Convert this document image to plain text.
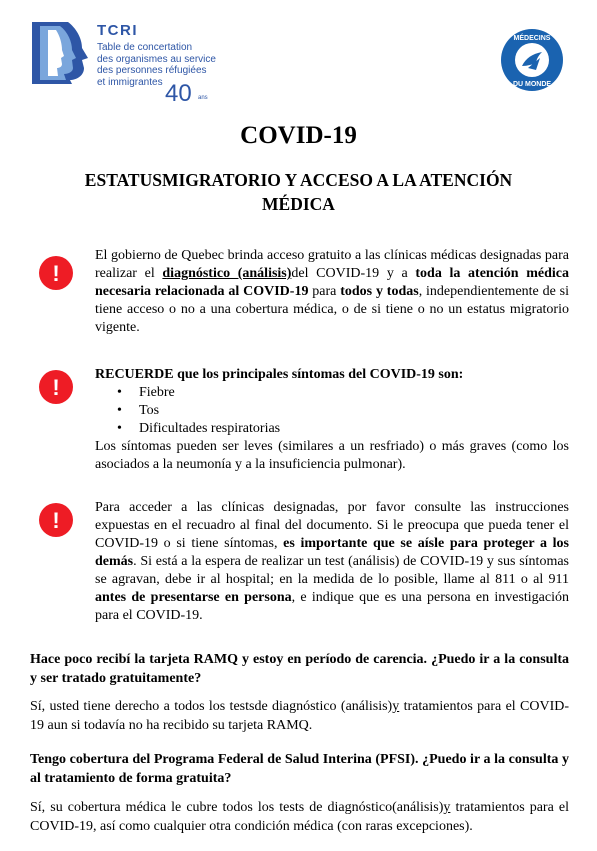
TCRI
Table de concertation
des organismes au service
des personnes réfugiées
et immigrantes 40 ans
MÉDECINS
DU MONDE
COVID-19
ESTATUSMIGRATORIO Y ACCESO A LA ATENCIÓN
MÉDICA
!

El gobierno de Quebec brinda acceso gratuito a las clínicas médicas designadas para realizar el diagnóstico (análisis)del COVID-19 y a toda la atención médica necesaria relacionada al COVID-19 para todos y todas, independientemente de si tiene acceso o no a una cobertura médica, o de si tiene o no un estatus migratorio vigente.

!

RECUERDE que los principales síntomas del COVID-19 son:

• Fiebre
• Tos
• Dificultades respiratorias

Los síntomas pueden ser leves (similares a un resfriado) o más graves (como los asociados a la neumonía y a la insuficiencia pulmonar).

!

Para acceder a las clínicas designadas, por favor consulte las instrucciones expuestas en el recuadro al final del documento. Si le preocupa que pueda tener el COVID-19 o si tiene síntomas, es importante que se aísle para proteger a los demás. Si está a la espera de realizar un test (análisis) de COVID-19 y sus síntomas se agravan, debe ir al hospital; en la medida de lo posible, llame al 811 o al 911 antes de presentarse en persona, e indique que es una persona en investigación para el COVID-19.

Hace poco recibí la tarjeta RAMQ y estoy en período de carencia. ¿Puedo ir a la consulta y ser tratado gratuitamente?
Sí, usted tiene derecho a todos los testsde diagnóstico (análisis)y tratamientos para el COVID-19 aun si todavía no ha recibido su tarjeta RAMQ.
Tengo cobertura del Programa Federal de Salud Interina (PFSI). ¿Puedo ir a la consulta y al tratamiento de forma gratuita?
Sí, su cobertura médica le cubre todos los tests de diagnóstico(análisis)y tratamientos para el COVID-19, así como cualquier otra condición médica (con raras excepciones).
